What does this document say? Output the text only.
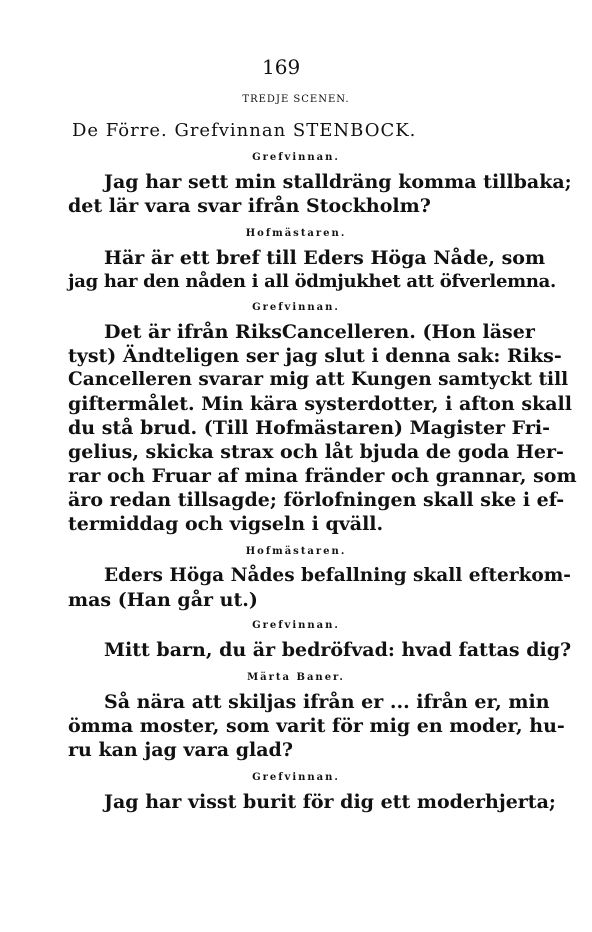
169
TREDJE SCENEN.
De Förre. Grefvinnan STENBOCK.
Grefvinnan.
Jag har sett min stalldräng komma tillbaka;
det lär vara svar ifrån Stockholm?
Hofmästaren.
Här är ett bref till Eders Höga Nåde, som
jag har den nåden i all ödmjukhet att öfverlemna.
Grefvinnan.
Det är ifrån RiksCancelleren. (Hon läser
tyst) Ändteligen ser jag slut i denna sak: Riks-
Cancelleren svarar mig att Kungen samtyckt till
giftermålet. Min kära systerdotter, i afton skall
du stå brud. (Till Hofmästaren) Magister Fri-
gelius, skicka strax och låt bjuda de goda Her-
rar och Fruar af mina fränder och grannar, som
äro redan tillsagde; förlofningen skall ske i ef-
termiddag och vigseln i qväll.
Hofmästaren.
Eders Höga Nådes befallning skall efterkom-
mas (Han går ut.)
Grefvinnan.
Mitt barn, du är bedröfvad: hvad fattas dig?
Märta Baner.
Så nära att skiljas ifrån er ... ifrån er, min
ömma moster, som varit för mig en moder, hu-
ru kan jag vara glad?
Grefvinnan.
Jag har visst burit för dig ett moderhjerta;
